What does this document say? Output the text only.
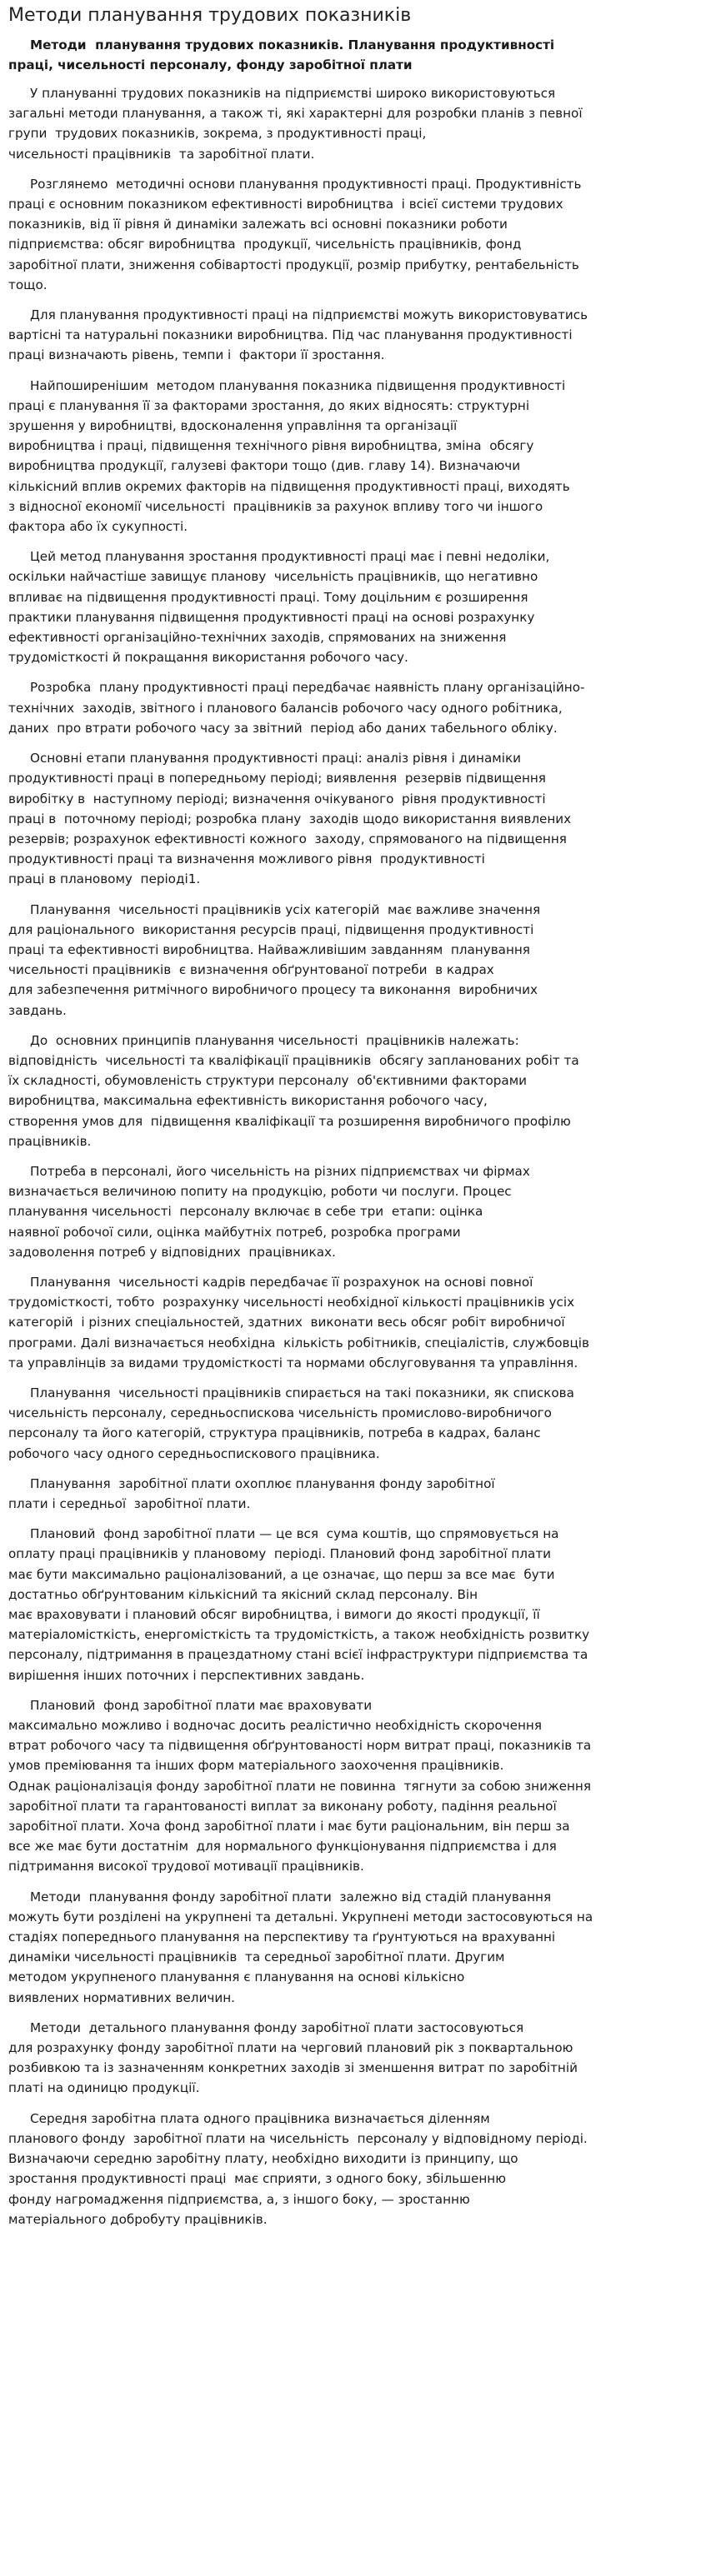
Методи планування трудових показників
Методи  планування трудових показників. Планування продуктивності
праці, чисельності персоналу, фонду заробітної плати

У плануванні трудових показників на підприємстві широко використовуються
загальні методи планування, а також ті, які характерні для розробки планів з певної
групи  трудових показників, зокрема, з продуктивності праці,
чисельності працівників  та заробітної плати.

Розглянемо  методичні основи планування продуктивності праці. Продуктивність
праці є основним показником ефективності виробництва  і всієї системи трудових
показників, від її рівня й динаміки залежать всі основні показники роботи
підприємства: обсяг виробництва  продукції, чисельність працівників, фонд
заробітної плати, зниження собівартості продукції, розмір прибутку, рентабельність
тощо.

Для планування продуктивності праці на підприємстві можуть використовуватись
вартісні та натуральні показники виробництва. Під час планування продуктивності
праці визначають рівень, темпи і  фактори її зростання.

Найпоширенішим  методом планування показника підвищення продуктивності
праці є планування її за факторами зростання, до яких відносять: структурні
зрушення у виробництві, вдосконалення управління та організації
виробництва і праці, підвищення технічного рівня виробництва, зміна  обсягу
виробництва продукції, галузеві фактори тощо (див. главу 14). Визначаючи
кількісний вплив окремих факторів на підвищення продуктивності праці, виходять
з відносної економії чисельності  працівників за рахунок впливу того чи іншого
фактора або їх сукупності.

Цей метод планування зростання продуктивності праці має і певні недоліки,
оскільки найчастіше завищує планову  чисельність працівників, що негативно
впливає на підвищення продуктивності праці. Тому доцільним є розширення
практики планування підвищення продуктивності праці на основі розрахунку
ефективності організаційно-технічних заходів, спрямованих на зниження
трудомісткості й покращання використання робочого часу.

Розробка  плану продуктивності праці передбачає наявність плану організаційно-
технічних  заходів, звітного і планового балансів робочого часу одного робітника,
даних  про втрати робочого часу за звітний  період або даних табельного обліку.

Основні етапи планування продуктивності праці: аналіз рівня і динаміки
продуктивності праці в попередньому періоді; виявлення  резервів підвищення
виробітку в  наступному періоді; визначення очікуваного  рівня продуктивності
праці в  поточному періоді; розробка плану  заходів щодо використання виявлених
резервів; розрахунок ефективності кожного  заходу, спрямованого на підвищення
продуктивності праці та визначення можливого рівня  продуктивності
праці в плановому  періоді1.

Планування  чисельності працівників усіх категорій  має важливе значення
для раціонального  використання ресурсів праці, підвищення продуктивності
праці та ефективності виробництва. Найважливішим завданням  планування
чисельності працівників  є визначення обґрунтованої потреби  в кадрах
для забезпечення ритмічного виробничого процесу та виконання  виробничих
завдань.

До  основних принципів планування чисельності  працівників належать:
відповідність  чисельності та кваліфікації працівників  обсягу запланованих робіт та
їх складності, обумовленість структури персоналу  об'єктивними факторами
виробництва, максимальна ефективність використання робочого часу,
створення умов для  підвищення кваліфікації та розширення виробничого профілю
працівників.

Потреба в персоналі, його чисельність на різних підприємствах чи фірмах
визначається величиною попиту на продукцію, роботи чи послуги. Процес
планування чисельності  персоналу включає в себе три  етапи: оцінка
наявної робочої сили, оцінка майбутніх потреб, розробка програми
задоволення потреб у відповідних  працівниках.

Планування  чисельності кадрів передбачає її розрахунок на основі повної
трудомісткості, тобто  розрахунку чисельності необхідної кількості працівників усіх
категорій  і різних спеціальностей, здатних  виконати весь обсяг робіт виробничої
програми. Далі визначається необхідна  кількість робітників, спеціалістів, службовців
та управлінців за видами трудомісткості та нормами обслуговування та управління.

Планування  чисельності працівників спирається на такі показники, як спискова
чисельність персоналу, середньоспискова чисельність промислово-виробничого
персоналу та його категорій, структура працівників, потреба в кадрах, баланс
робочого часу одного середньоспискового працівника.

Планування  заробітної плати охоплює планування фонду заробітної
плати і середньої  заробітної плати.

Плановий  фонд заробітної плати — це вся  сума коштів, що спрямовується на
оплату праці працівників у плановому  періоді. Плановий фонд заробітної плати
має бути максимально раціоналізований, а це означає, що перш за все має  бути
достатньо обґрунтованим кількісний та якісний склад персоналу. Він
має враховувати і плановий обсяг виробництва, і вимоги до якості продукції, її
матеріаломісткість, енергомісткість та трудомісткість, а також необхідність розвитку
персоналу, підтримання в працездатному стані всієї інфраструктури підприємства та
вирішення інших поточних і перспективних завдань.

Плановий  фонд заробітної плати має враховувати
максимально можливо і водночас досить реалістично необхідність скорочення
втрат робочого часу та підвищення обґрунтованості норм витрат праці, показників та
умов преміювання та інших форм матеріального заохочення працівників.
Однак раціоналізація фонду заробітної плати не повинна  тягнути за собою зниження
заробітної плати та гарантованості виплат за виконану роботу, падіння реальної
заробітної плати. Хоча фонд заробітної плати і має бути раціональним, він перш за
все же має бути достатнім  для нормального функціонування підприємства і для
підтримання високої трудової мотивації працівників.

Методи  планування фонду заробітної плати  залежно від стадій планування
можуть бути розділені на укрупнені та детальні. Укрупнені методи застосовуються на
стадіях попереднього планування на перспективу та ґрунтуються на врахуванні
динаміки чисельності працівників  та середньої заробітної плати. Другим
методом укрупненого планування є планування на основі кількісно
виявлених нормативних величин.

Методи  детального планування фонду заробітної плати застосовуються
для розрахунку фонду заробітної плати на черговий плановий рік з поквартальною
розбивкою та із зазначенням конкретних заходів зі зменшення витрат по заробітній
платі на одиницю продукції.

Середня заробітна плата одного працівника визначається діленням
планового фонду  заробітної плати на чисельність  персоналу у відповідному періоді.
Визначаючи середню заробітну плату, необхідно виходити із принципу, що
зростання продуктивності праці  має сприяти, з одного боку, збільшенню
фонду нагромадження підприємства, а, з іншого боку, — зростанню
матеріального добробуту працівників.
